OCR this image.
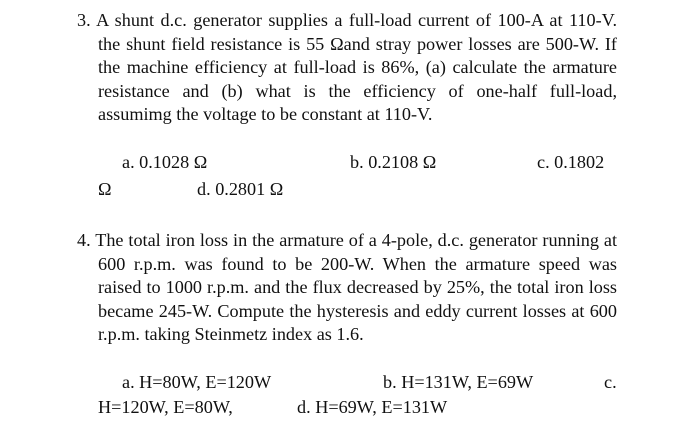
3. A shunt d.c. generator supplies a full-load current of 100-A at 110-V. the shunt field resistance is 55 Ωand stray power losses are 500-W. If the machine efficiency at full-load is 86%, (a) calculate the armature resistance and (b) what is the efficiency of one-half full-load, assumimg the voltage to be constant at 110-V.
a. 0.1028 Ω	b. 0.2108 Ω	c. 0.1802
Ω	d. 0.2801 Ω
4. The total iron loss in the armature of a 4-pole, d.c. generator running at 600 r.p.m. was found to be 200-W. When the armature speed was raised to 1000 r.p.m. and the flux decreased by 25%, the total iron loss became 245-W. Compute the hysteresis and eddy current losses at 600 r.p.m. taking Steinmetz index as 1.6.
a. H=80W, E=120W	b. H=131W, E=69W	c.
H=120W, E=80W,	d. H=69W, E=131W
